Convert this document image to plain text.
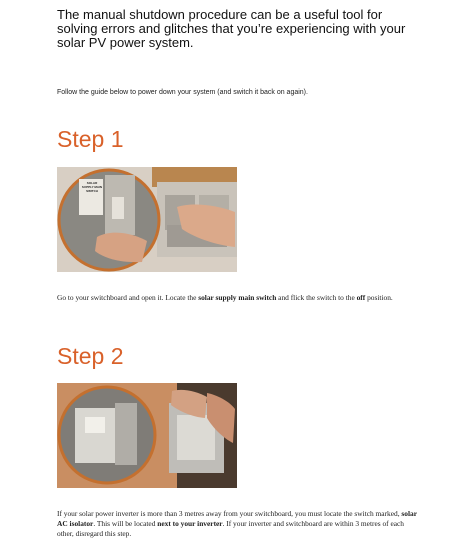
The manual shutdown procedure can be a useful tool for solving errors and glitches that you’re experiencing with your solar PV power system.

Follow the guide below to power down your system (and switch it back on again).

Step 1
SOLAR SUPPLY MAIN SWITCH

Go to your switchboard and open it. Locate the solar supply main switch and flick the switch to the off position.

Step 2

If your solar power inverter is more than 3 metres away from your switchboard, you must locate the switch marked, solar AC isolator. This will be located next to your inverter. If your inverter and switchboard are within 3 metres of each other, disregard this step.
